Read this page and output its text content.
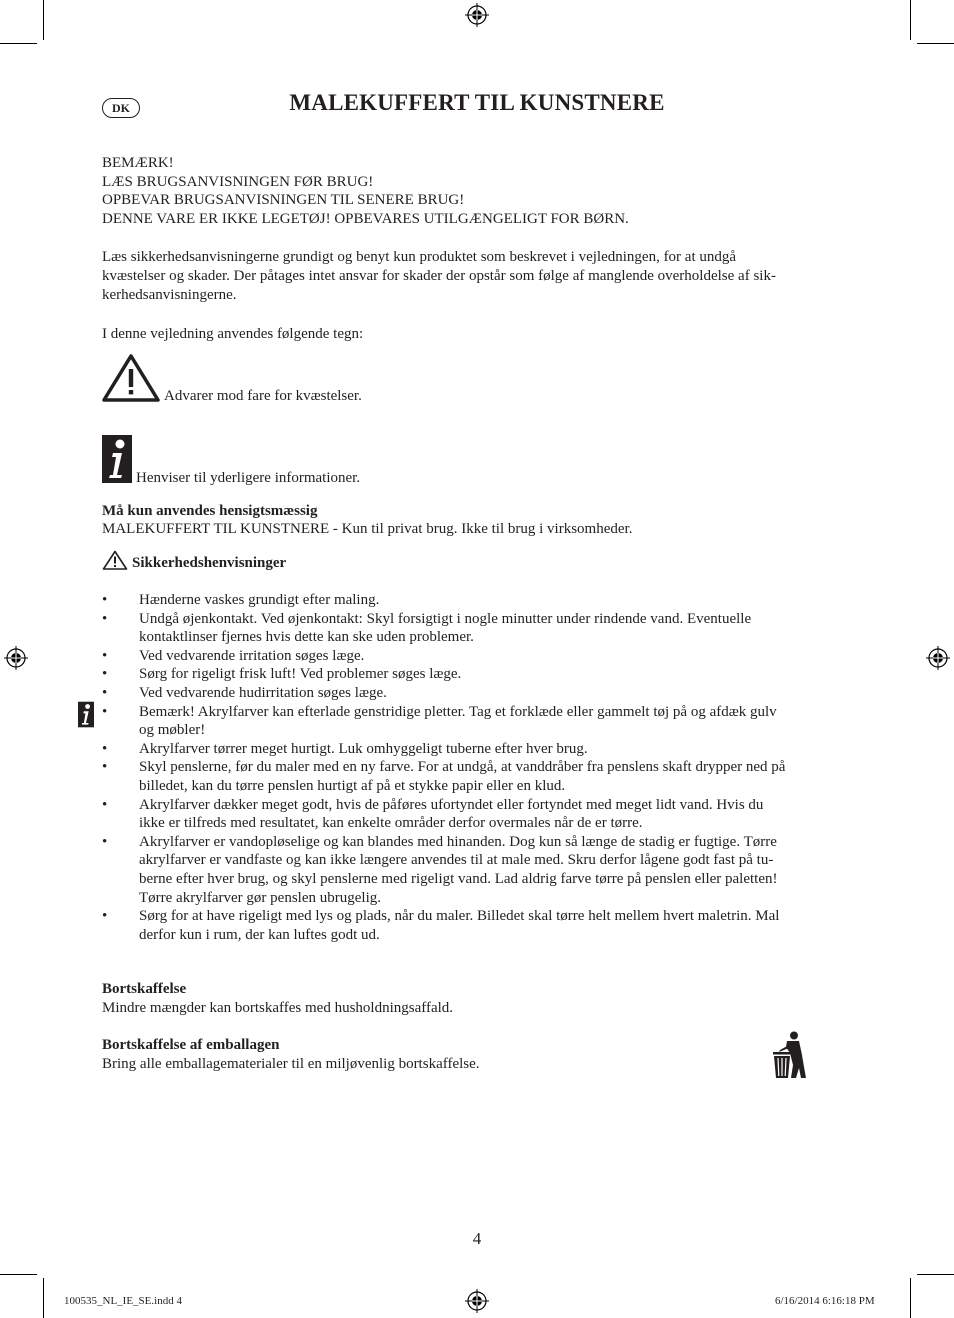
DK	MALEKUFFERT TIL KUNSTNERE
BEMÆRK!
LÆS BRUGSANVISNINGEN FØR BRUG!
OPBEVAR BRUGSANVISNINGEN TIL SENERE BRUG!
DENNE VARE ER IKKE LEGETØJ! OPBEVARES UTILGÆNGELIGT FOR BØRN.
Læs sikkerhedsanvisningerne grundigt og benyt kun produktet som beskrevet i vejledningen, for at undgå
kvæstelser og skader. Der påtages intet ansvar for skader der opstår som følge af manglende overholdelse af sik-
kerhedsanvisningerne.
I denne vejledning anvendes følgende tegn:
Advarer mod fare for kvæstelser.
Henviser til yderligere informationer.
Må kun anvendes hensigtsmæssig
MALEKUFFERT TIL KUNSTNERE - Kun til privat brug. Ikke til brug i virksomheder.
Sikkerhedshenvisninger
• Hænderne vaskes grundigt efter maling.
• Undgå øjenkontakt. Ved øjenkontakt: Skyl forsigtigt i nogle minutter under rindende vand. Eventuelle
kontaktlinser fjernes hvis dette kan ske uden problemer.
• Ved vedvarende irritation søges læge.
• Sørg for rigeligt frisk luft! Ved problemer søges læge.
• Ved vedvarende hudirritation søges læge.
• Bemærk! Akrylfarver kan efterlade genstridige pletter. Tag et forklæde eller gammelt tøj på og afdæk gulv
og møbler!
• Akrylfarver tørrer meget hurtigt. Luk omhyggeligt tuberne efter hver brug.
• Skyl penslerne, før du maler med en ny farve. For at undgå, at vanddråber fra penslens skaft drypper ned på
billedet, kan du tørre penslen hurtigt af på et stykke papir eller en klud.
• Akrylfarver dækker meget godt, hvis de påføres ufortyndet eller fortyndet med meget lidt vand. Hvis du
ikke er tilfreds med resultatet, kan enkelte områder derfor overmales når de er tørre.
• Akrylfarver er vandopløselige og kan blandes med hinanden. Dog kun så længe de stadig er fugtige. Tørre
akrylfarver er vandfaste og kan ikke længere anvendes til at male med. Skru derfor lågene godt fast på tu-
berne efter hver brug, og skyl penslerne med rigeligt vand. Lad aldrig farve tørre på penslen eller paletten!
Tørre akrylfarver gør penslen ubrugelig.
• Sørg for at have rigeligt med lys og plads, når du maler. Billedet skal tørre helt mellem hvert maletrin. Mal
derfor kun i rum, der kan luftes godt ud.
Bortskaffelse
Mindre mængder kan bortskaffes med husholdningsaffald.
Bortskaffelse af emballagen
Bring alle emballagematerialer til en miljøvenlig bortskaffelse.
4
100535_NL_IE_SE.indd 4	6/16/2014 6:16:18 PM
